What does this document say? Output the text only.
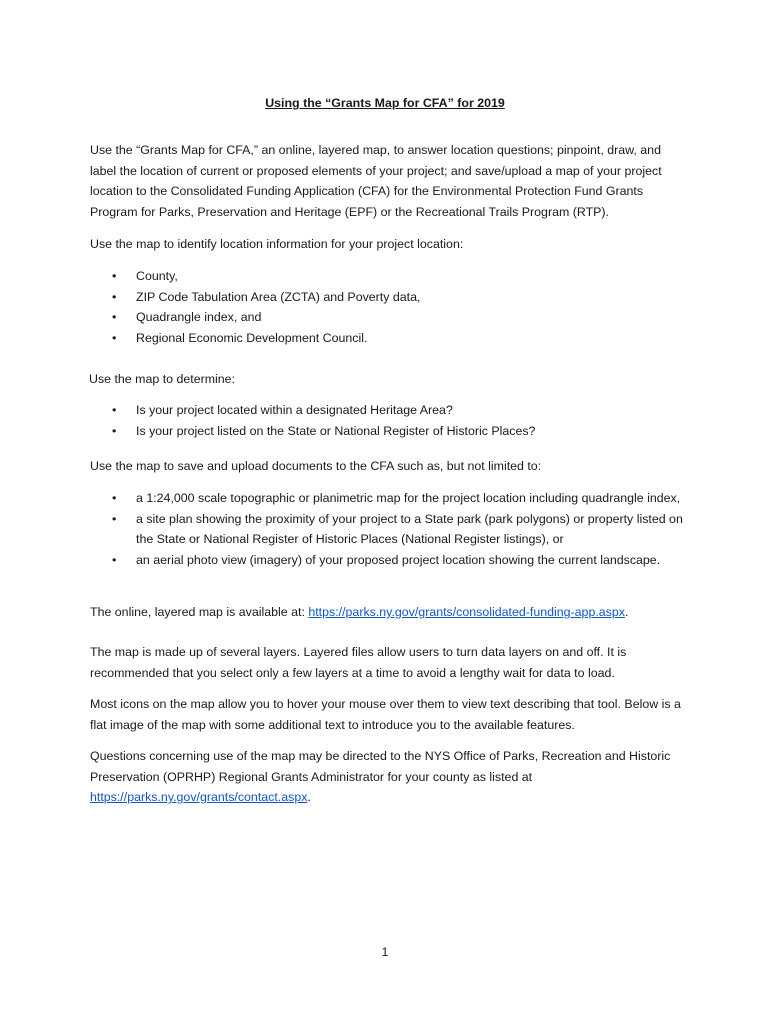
Using the “Grants Map for CFA” for 2019

Use the “Grants Map for CFA,” an online, layered map, to answer location questions; pinpoint, draw, and label the location of current or proposed elements of your project; and save/upload a map of your project location to the Consolidated Funding Application (CFA) for the Environmental Protection Fund Grants Program for Parks, Preservation and Heritage (EPF) or the Recreational Trails Program (RTP).

Use the map to identify location information for your project location:

• County,
• ZIP Code Tabulation Area (ZCTA) and Poverty data,
• Quadrangle index, and
• Regional Economic Development Council.

Use the map to determine:

• Is your project located within a designated Heritage Area?
• Is your project listed on the State or National Register of Historic Places?

Use the map to save and upload documents to the CFA such as, but not limited to:

• a 1:24,000 scale topographic or planimetric map for the project location including quadrangle index,
• a site plan showing the proximity of your project to a State park (park polygons) or property listed on the State or National Register of Historic Places (National Register listings), or
• an aerial photo view (imagery) of your proposed project location showing the current landscape.

The online, layered map is available at: https://parks.ny.gov/grants/consolidated-funding-app.aspx.

The map is made up of several layers. Layered files allow users to turn data layers on and off. It is recommended that you select only a few layers at a time to avoid a lengthy wait for data to load.

Most icons on the map allow you to hover your mouse over them to view text describing that tool. Below is a flat image of the map with some additional text to introduce you to the available features.

Questions concerning use of the map may be directed to the NYS Office of Parks, Recreation and Historic Preservation (OPRHP) Regional Grants Administrator for your county as listed at https://parks.ny.gov/grants/contact.aspx.

1
